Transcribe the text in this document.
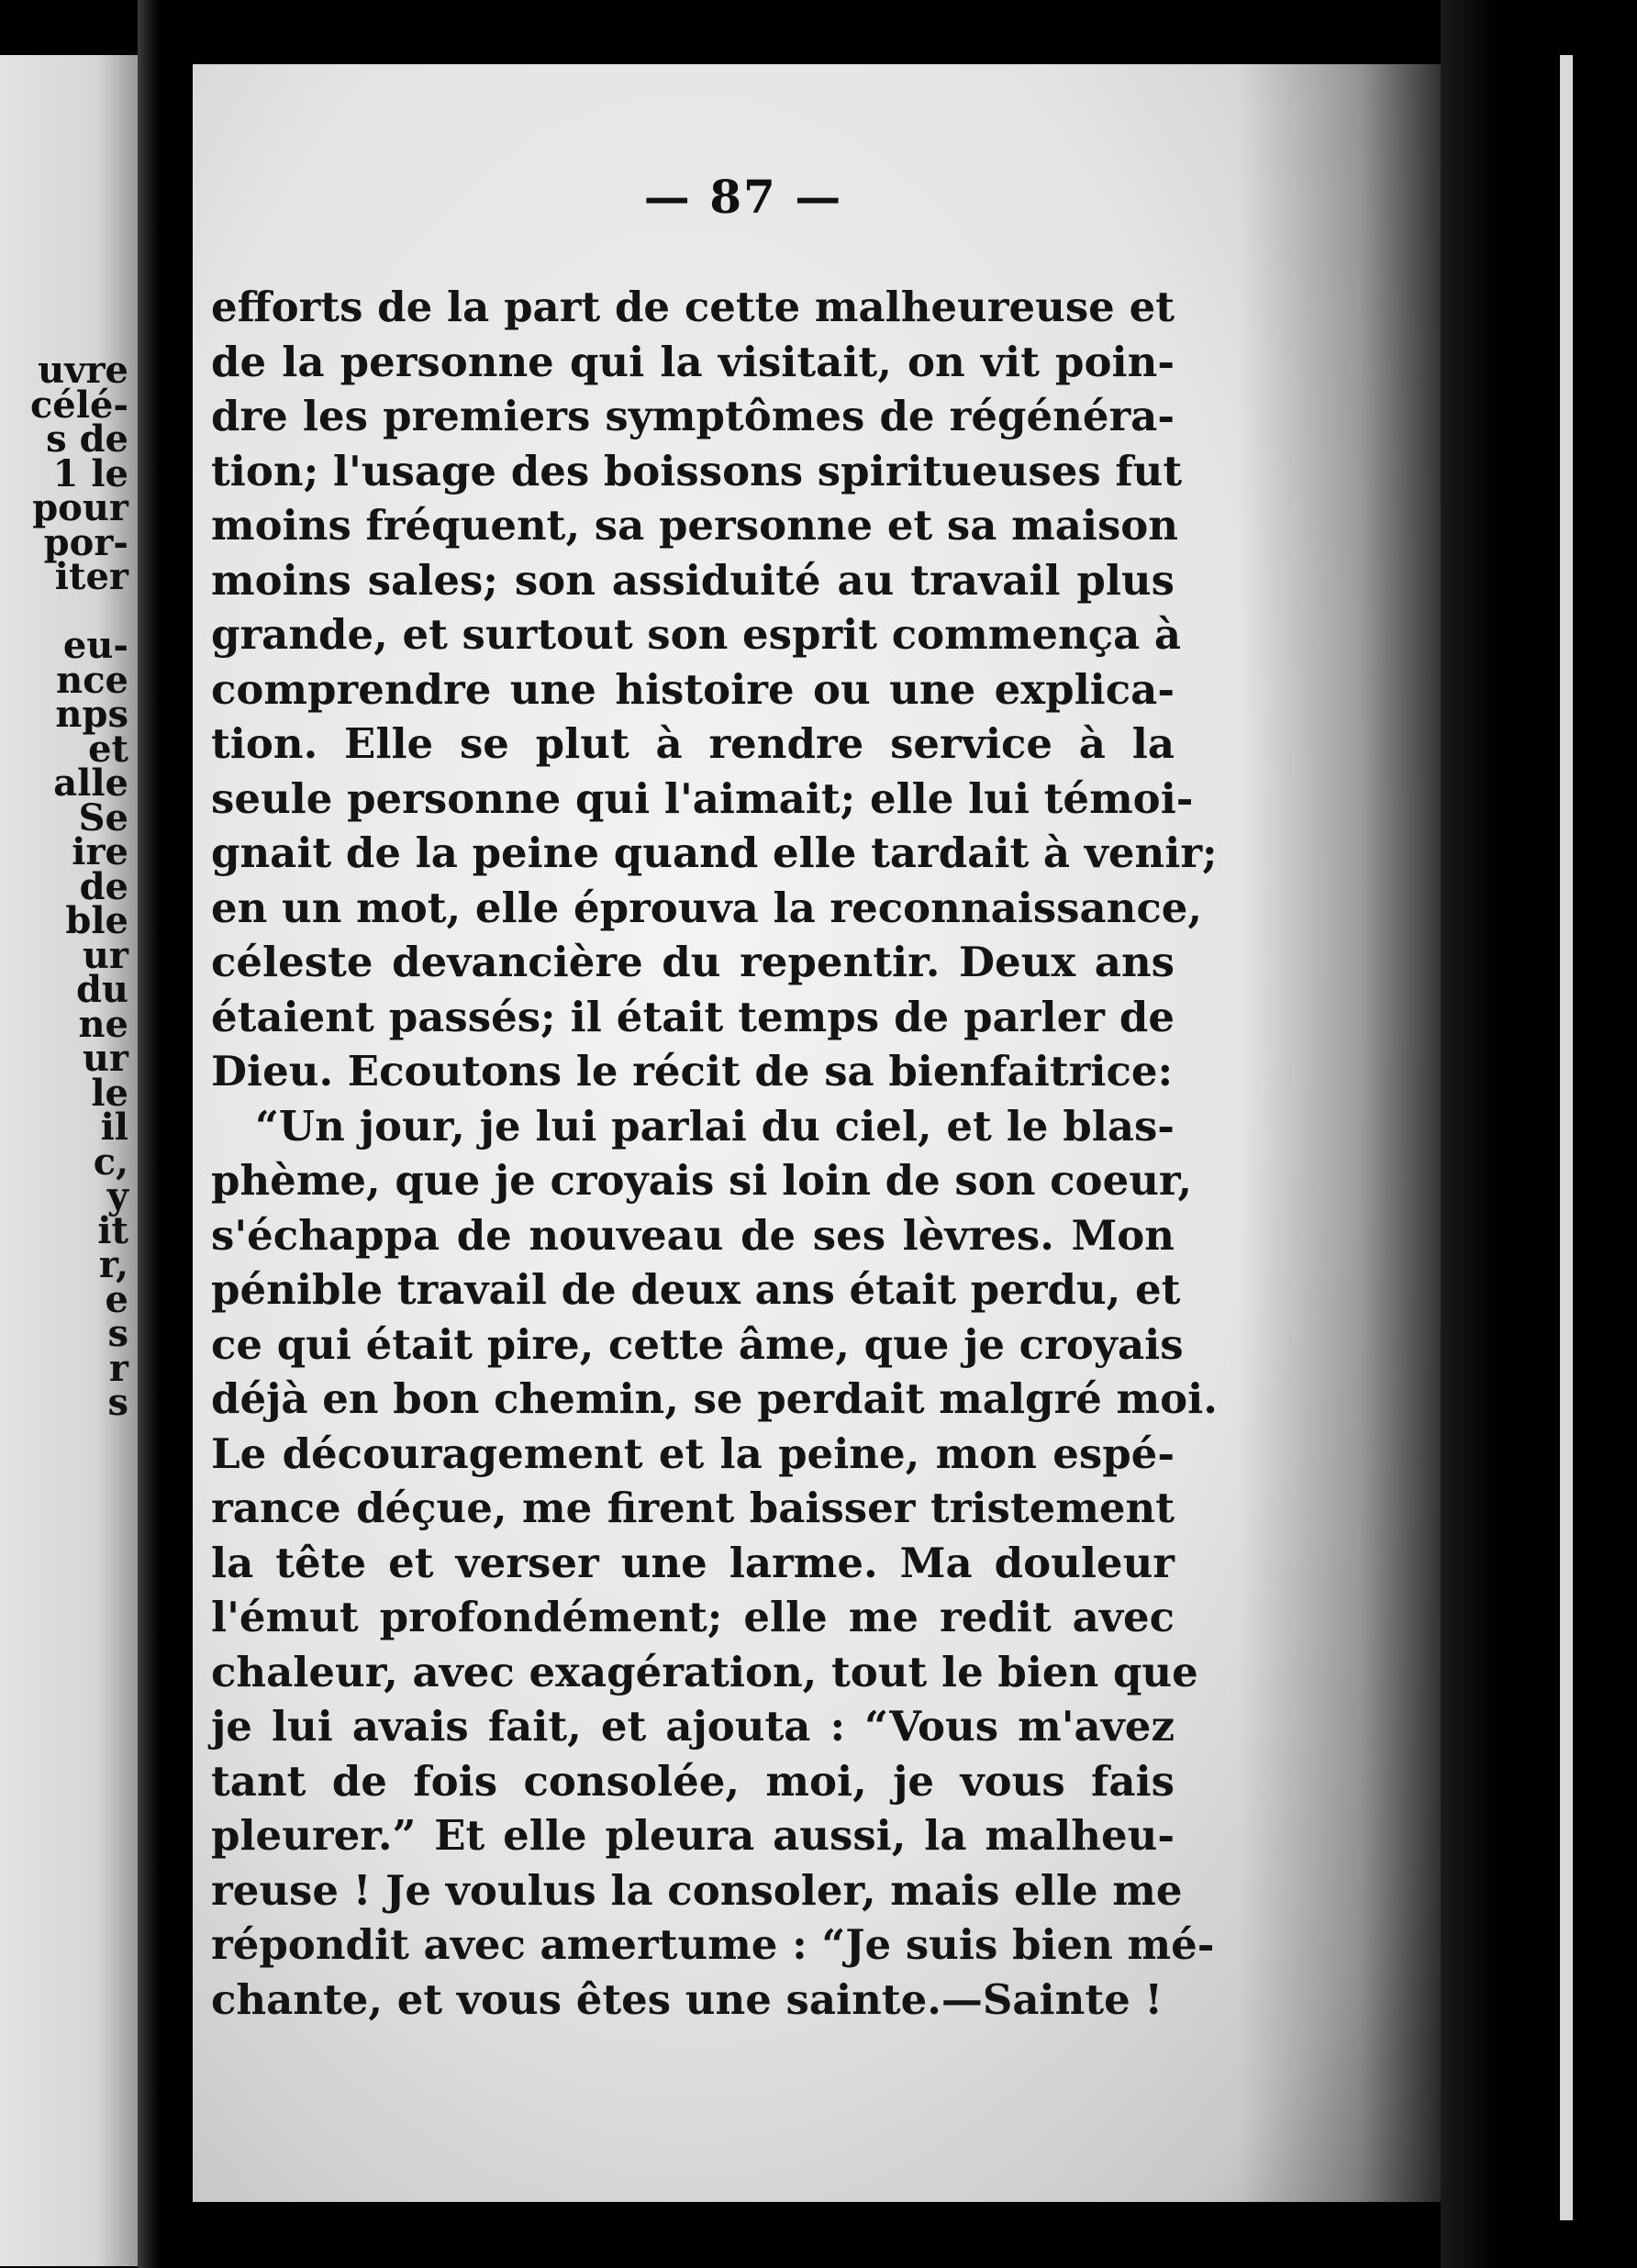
uvre
célé-
s de
1 le
pour
por-
iter
eu-
nce
nps
et
alle
Se
ire
de
ble
ur
du
ne
ur
le
il
c,
y
it
r,
e
s
r
s
— 87 —
efforts de la part de cette malheureuse et
de la personne qui la visitait, on vit poin-
dre les premiers symptômes de régénéra-
tion; l'usage des boissons spiritueuses fut
moins fréquent, sa personne et sa maison
moins sales; son assiduité au travail plus
grande, et surtout son esprit commença à
comprendre une histoire ou une explica-
tion. Elle se plut à rendre service à la
seule personne qui l'aimait; elle lui témoi-
gnait de la peine quand elle tardait à venir;
en un mot, elle éprouva la reconnaissance,
céleste devancière du repentir. Deux ans
étaient passés; il était temps de parler de
Dieu. Ecoutons le récit de sa bienfaitrice:
“Un jour, je lui parlai du ciel, et le blas-
phème, que je croyais si loin de son coeur,
s'échappa de nouveau de ses lèvres. Mon
pénible travail de deux ans était perdu, et
ce qui était pire, cette âme, que je croyais
déjà en bon chemin, se perdait malgré moi.
Le découragement et la peine, mon espé-
rance déçue, me firent baisser tristement
la tête et verser une larme. Ma douleur
l'émut profondément; elle me redit avec
chaleur, avec exagération, tout le bien que
je lui avais fait, et ajouta : “Vous m'avez
tant de fois consolée, moi, je vous fais
pleurer.” Et elle pleura aussi, la malheu-
reuse ! Je voulus la consoler, mais elle me
répondit avec amertume : “Je suis bien mé-
chante, et vous êtes une sainte.—Sainte !
